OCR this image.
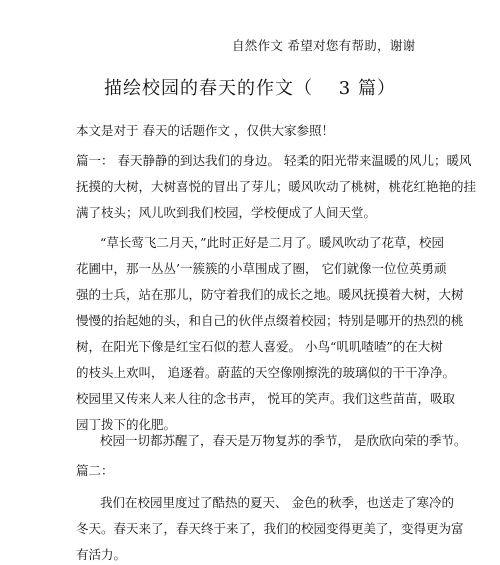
自然作文 希望对您有帮助，谢谢
描绘校园的春天的作文（　 3 篇）
本文是对于 春天的话题作文 ，仅供大家参照！
篇一： 春天静静的到达我们的身边。 轻柔的阳光带来温暖的风儿；暖风
抚摸的大树，大树喜悦的冒出了芽儿；暖风吹动了桃树，桃花红艳艳的挂
满了枝头；风儿吹到我们校园，学校便成了人间天堂。
“草长莺飞二月天，”此时正好是二月了。暖风吹动了花草，校园
花圃中，那一丛丛’一簇簇的小草围成了圈， 它们就像一位位英勇顽
强的士兵，站在那儿，防守着我们的成长之地。暖风抚摸着大树，大树
慢慢的抬起她的头，和自己的伙伴点缀着校园；特别是哪开的热烈的桃
树，在阳光下像是红宝石似的惹人喜爱。 小鸟“叽叽喳喳”的在大树
的枝头上欢叫， 追逐着。蔚蓝的天空像刚擦洗的玻璃似的干干净净。
校园里又传来人来人往的念书声， 悦耳的笑声。我们这些苗苗，吸取
园丁拨下的化肥。
校园一切都苏醒了，春天是万物复苏的季节， 是欣欣向荣的季节。
篇二：
我们在校园里度过了酷热的夏天、 金色的秋季，也送走了寒冷的
冬天。春天来了，春天终于来了，我们的校园变得更美了，变得更为富
有活力。
